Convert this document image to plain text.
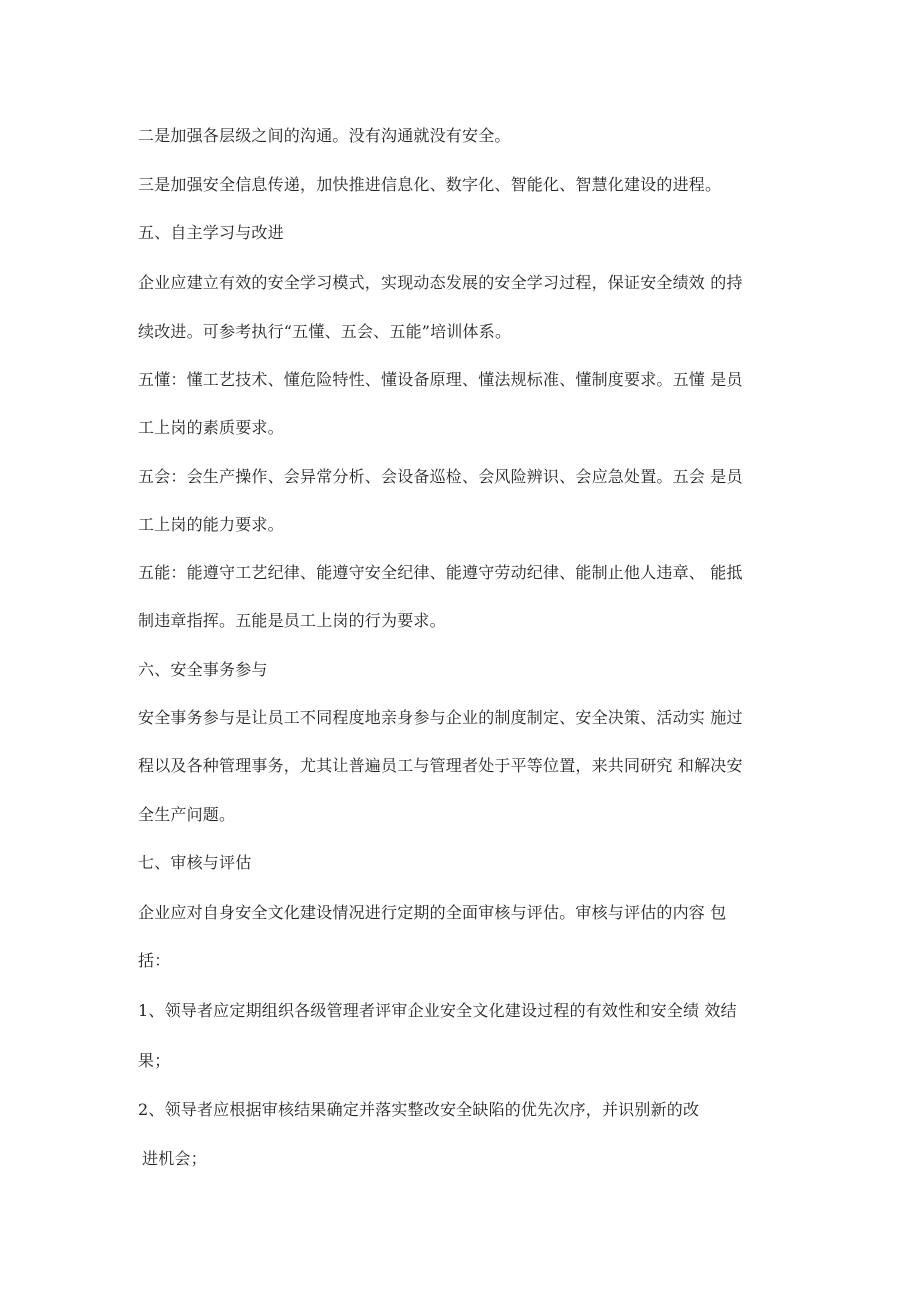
二是加强各层级之间的沟通。没有沟通就没有安全。
三是加强安全信息传递，加快推进信息化、数字化、智能化、智慧化建设的进程。
五、自主学习与改进
企业应建立有效的安全学习模式，实现动态发展的安全学习过程，保证安全绩效 的持
续改进。可参考执行“五懂、五会、五能”培训体系。
五懂：懂工艺技术、懂危险特性、懂设备原理、懂法规标准、懂制度要求。五懂 是员
工上岗的素质要求。
五会：会生产操作、会异常分析、会设备巡检、会风险辨识、会应急处置。五会 是员
工上岗的能力要求。
五能：能遵守工艺纪律、能遵守安全纪律、能遵守劳动纪律、能制止他人违章、 能抵
制违章指挥。五能是员工上岗的行为要求。
六、安全事务参与
安全事务参与是让员工不同程度地亲身参与企业的制度制定、安全决策、活动实 施过
程以及各种管理事务，尤其让普遍员工与管理者处于平等位置，来共同研究 和解决安
全生产问题。
七、审核与评估
企业应对自身安全文化建设情况进行定期的全面审核与评估。审核与评估的内容 包
括：
1、领导者应定期组织各级管理者评审企业安全文化建设过程的有效性和安全绩 效结
果；
2、领导者应根据审核结果确定并落实整改安全缺陷的优先次序，并识别新的改
进机会；
